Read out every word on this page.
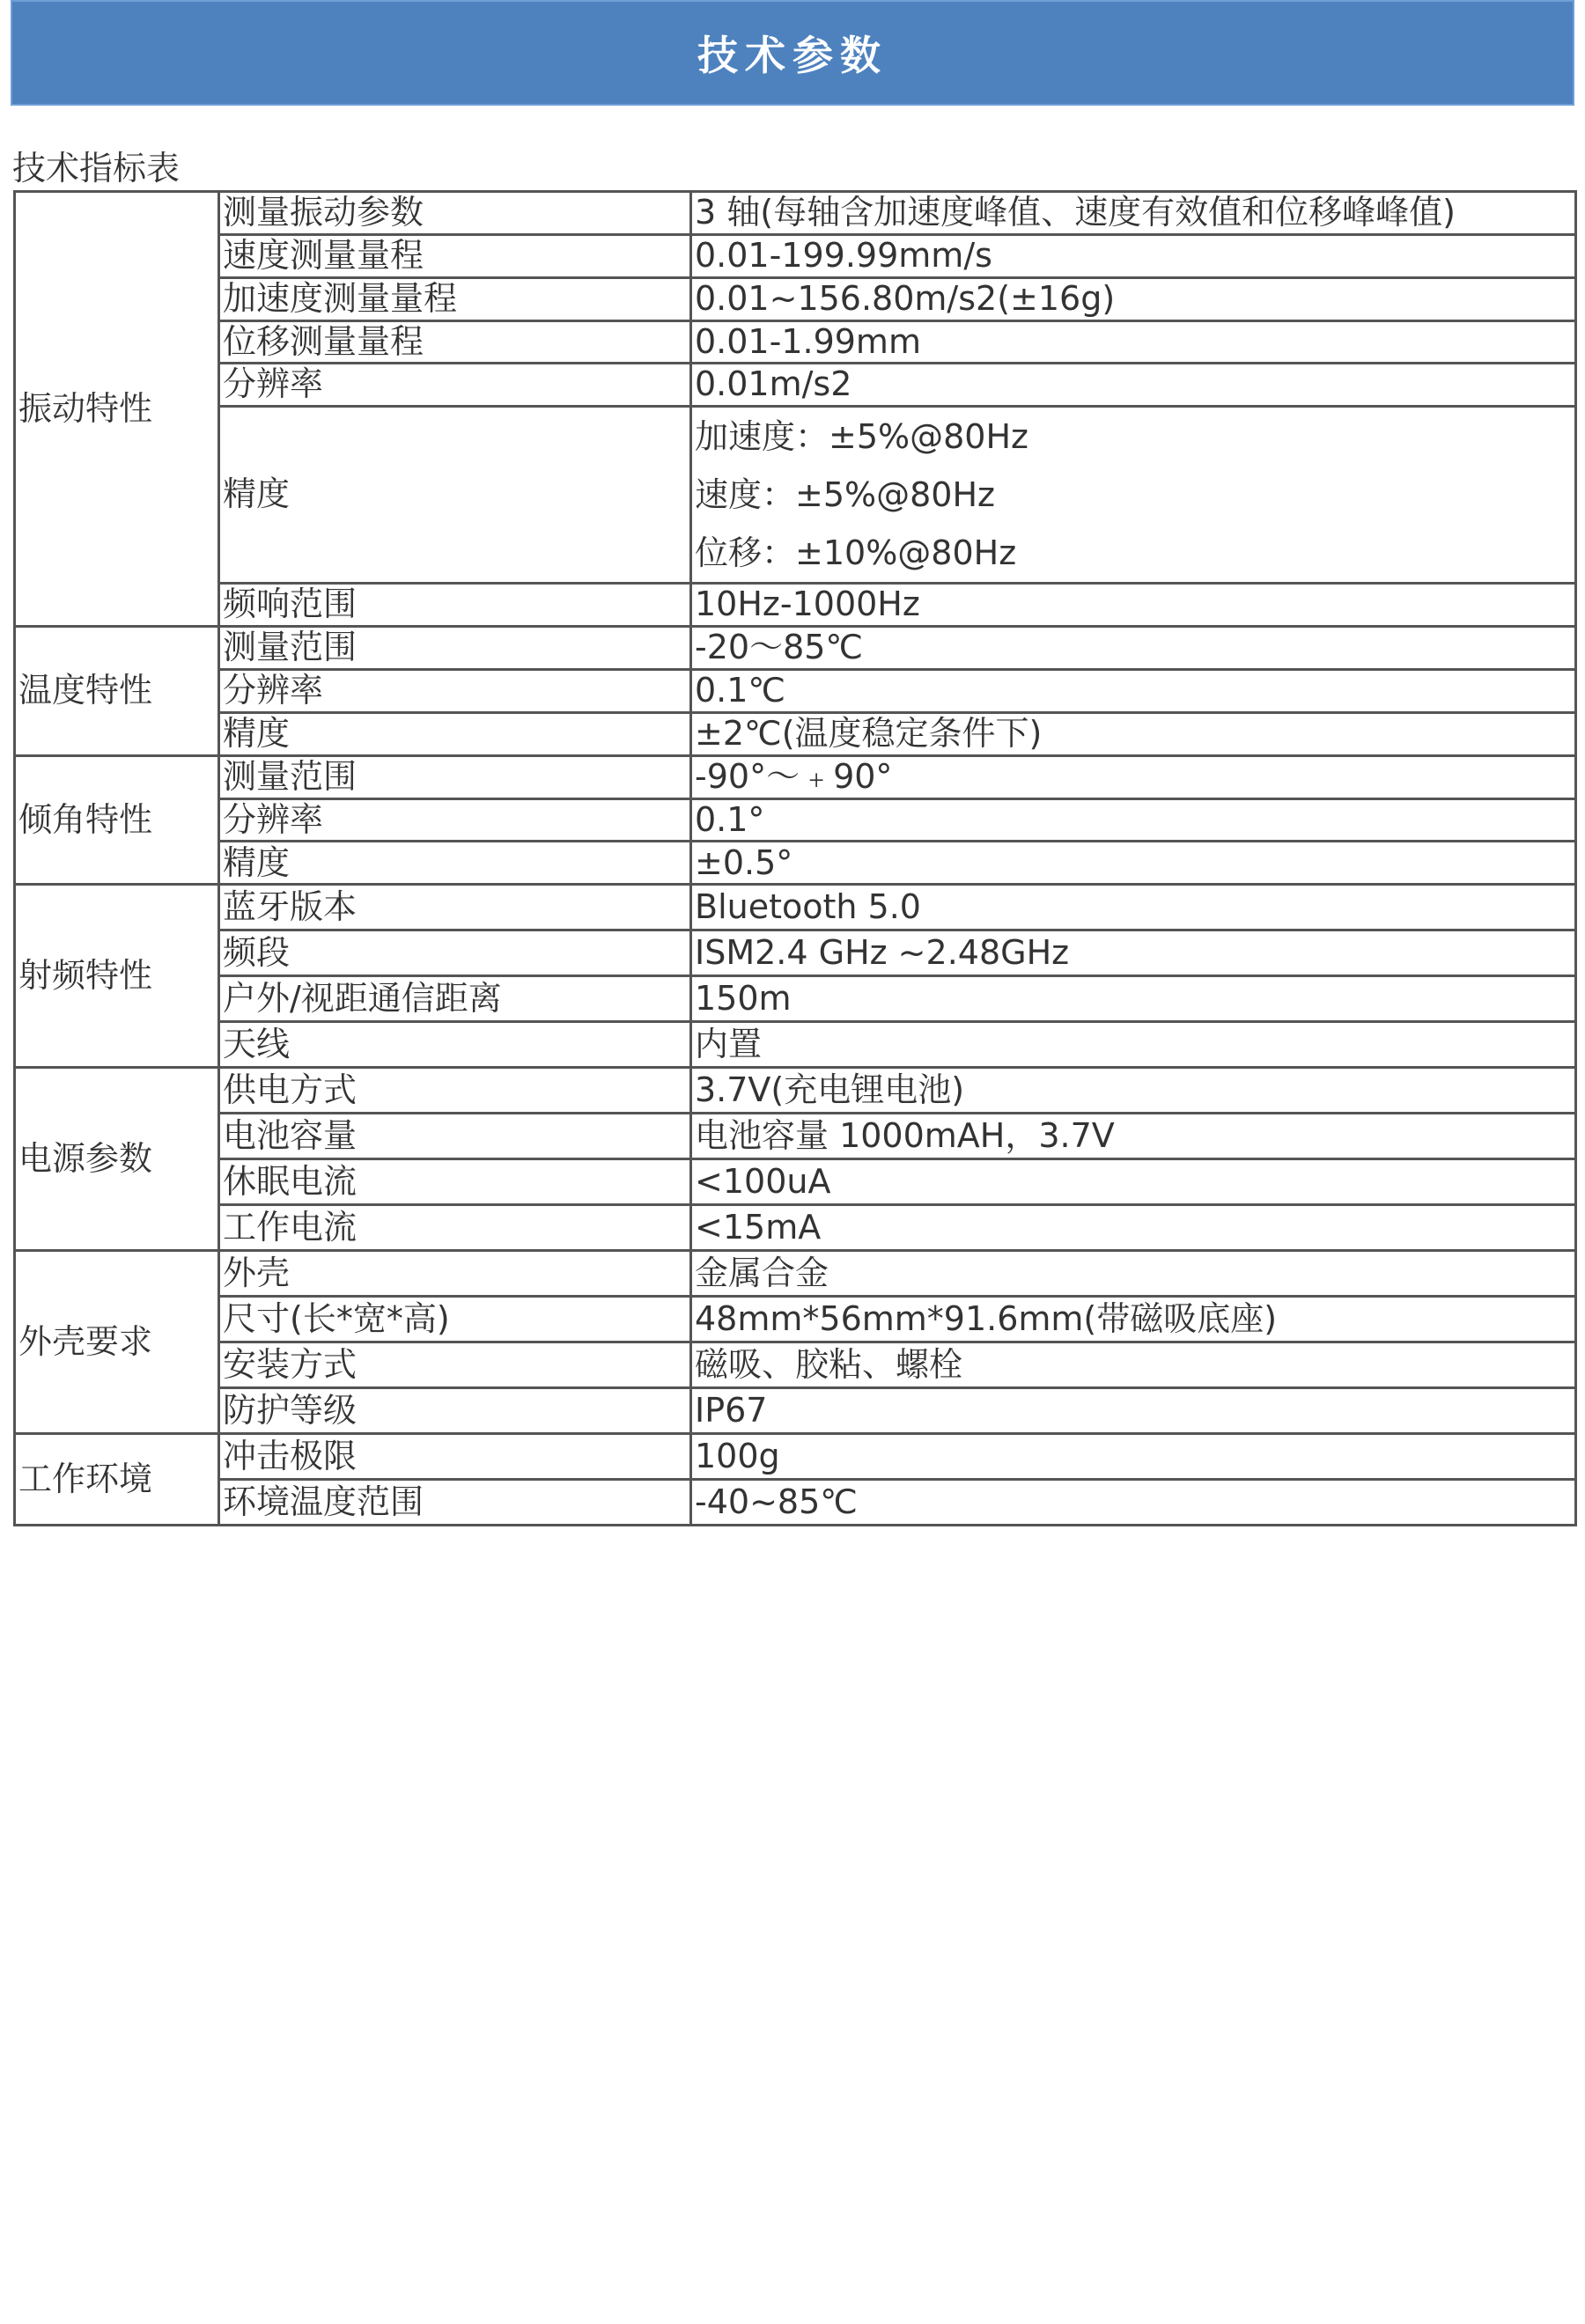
技术参数
技术指标表
振动特性	测量振动参数	3 轴(每轴含加速度峰值、速度有效值和位移峰峰值)
	速度测量量程	0.01-199.99mm/s
	加速度测量量程	0.01~156.80m/s2(±16g)
	位移测量量程	0.01-1.99mm
	分辨率	0.01m/s2
	精度	加速度：±5%@80Hz
速度：±5%@80Hz
位移：±10%@80Hz

	频响范围	10Hz-1000Hz
温度特性	测量范围	-20～85℃
	分辨率	0.1℃
	精度	±2℃(温度稳定条件下)
倾角特性	测量范围	-90°～﹢90°
	分辨率	0.1°
	精度	±0.5°
射频特性	蓝牙版本	Bluetooth 5.0
	频段	ISM2.4 GHz ~2.48GHz
	户外/视距通信距离	150m
	天线	内置
电源参数	供电方式	3.7V(充电锂电池)
	电池容量	电池容量 1000mAH，3.7V
	休眠电流	<100uA
	工作电流	<15mA
外壳要求	外壳	金属合金
	尺寸(长*宽*高)	48mm*56mm*91.6mm(带磁吸底座)
	安装方式	磁吸、胶粘、螺栓
	防护等级	IP67
工作环境	冲击极限	100g
	环境温度范围	-40~85℃
